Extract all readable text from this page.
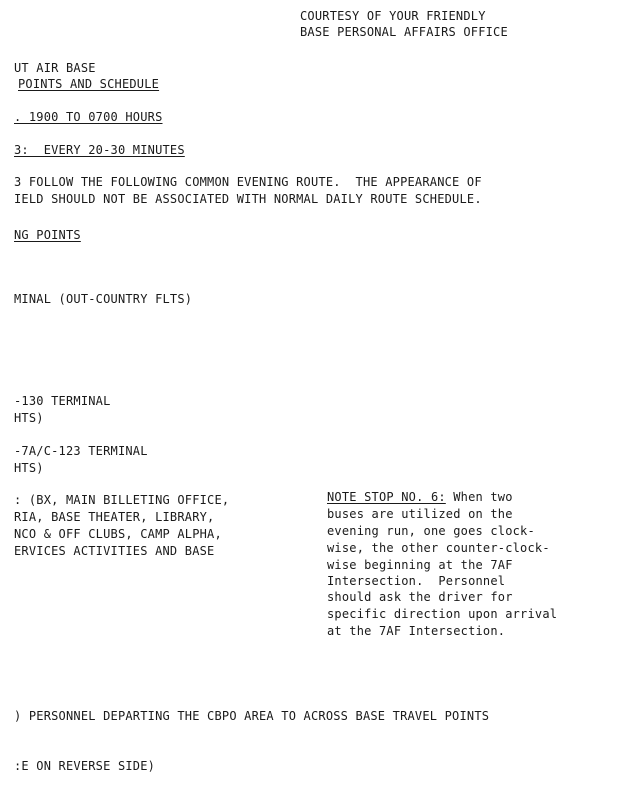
COURTESY OF YOUR FRIENDLY
BASE PERSONAL AFFAIRS OFFICE
UT AIR BASE
POINTS AND SCHEDULE
. 1900 TO 0700 HOURS
3:  EVERY 20-30 MINUTES
3 FOLLOW THE FOLLOWING COMMON EVENING ROUTE.  THE APPEARANCE OF
IELD SHOULD NOT BE ASSOCIATED WITH NORMAL DAILY ROUTE SCHEDULE.
NG POINTS
MINAL (OUT-COUNTRY FLTS)
-130 TERMINAL
HTS)
-7A/C-123 TERMINAL
HTS)
: (BX, MAIN BILLETING OFFICE,
RIA, BASE THEATER, LIBRARY,
NCO & OFF CLUBS, CAMP ALPHA,
ERVICES ACTIVITIES AND BASE
NOTE STOP NO. 6: When two
buses are utilized on the
evening run, one goes clock-
wise, the other counter-clock-
wise beginning at the 7AF
Intersection.  Personnel
should ask the driver for
specific direction upon arrival
at the 7AF Intersection.
) PERSONNEL DEPARTING THE CBPO AREA TO ACROSS BASE TRAVEL POINTS
:E ON REVERSE SIDE)
